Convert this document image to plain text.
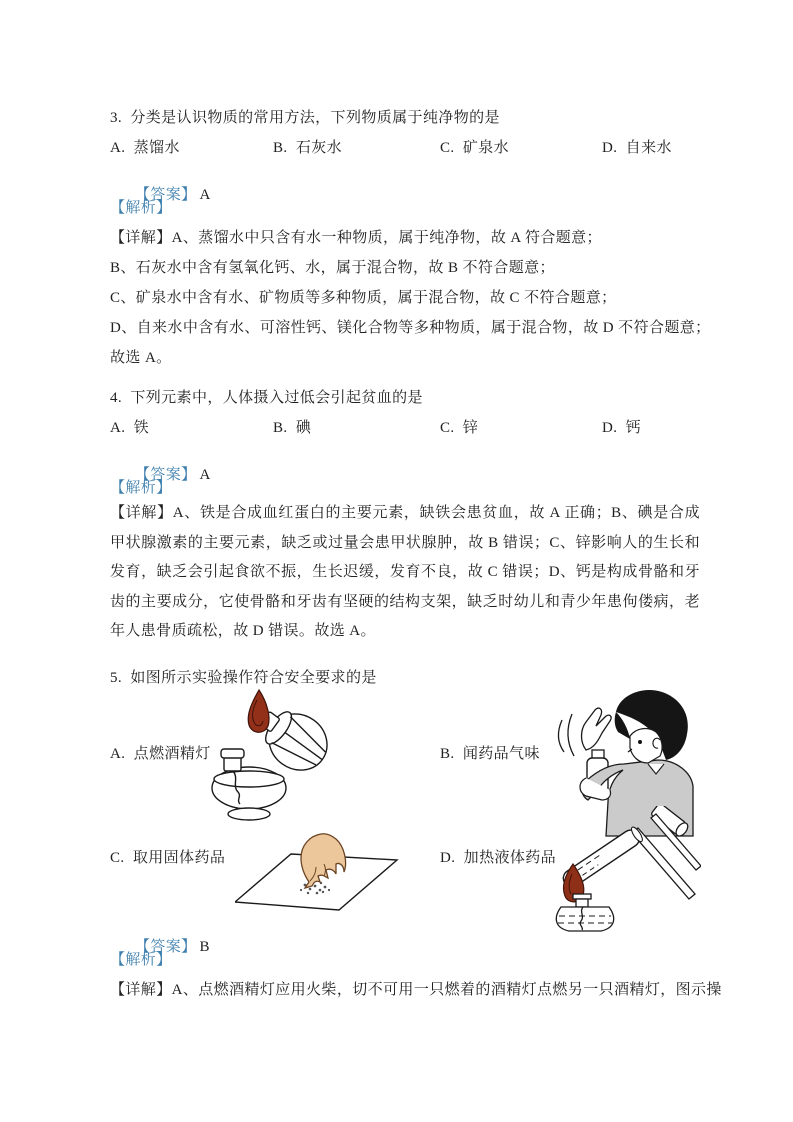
3.  分类是认识物质的常用方法，下列物质属于纯净物的是
A.  蒸馏水	B.  石灰水	C.  矿泉水	D.  自来水

【答案】 A

【解析】
【详解】A、蒸馏水中只含有水一种物质，属于纯净物，故 A 符合题意；
B、石灰水中含有氢氧化钙、水，属于混合物，故 B 不符合题意；
C、矿泉水中含有水、矿物质等多种物质，属于混合物，故 C 不符合题意；
D、自来水中含有水、可溶性钙、镁化合物等多种物质，属于混合物，故 D 不符合题意；
故选 A。
4.  下列元素中，人体摄入过低会引起贫血的是
A.  铁	B.  碘	C.  锌	D.  钙

【答案】 A

【解析】
【详解】A、铁是合成血红蛋白的主要元素，缺铁会患贫血，故 A 正确；B、碘是合成甲状腺激素的主要元素，缺乏或过量会患甲状腺肿，故 B 错误；C、锌影响人的生长和发育，缺乏会引起食欲不振，生长迟缓，发育不良，故 C 错误；D、钙是构成骨骼和牙齿的主要成分，它使骨骼和牙齿有坚硬的结构支架，缺乏时幼儿和青少年患佝偻病，老年人患骨质疏松，故 D 错误。故选 A。
5.  如图所示实验操作符合安全要求的是
A.  点燃酒精灯	B.  闻药品气味
C.  取用固体药品	D.  加热液体药品

【答案】 B

【解析】
【详解】A、点燃酒精灯应用火柴，切不可用一只燃着的酒精灯点燃另一只酒精灯，图示操
